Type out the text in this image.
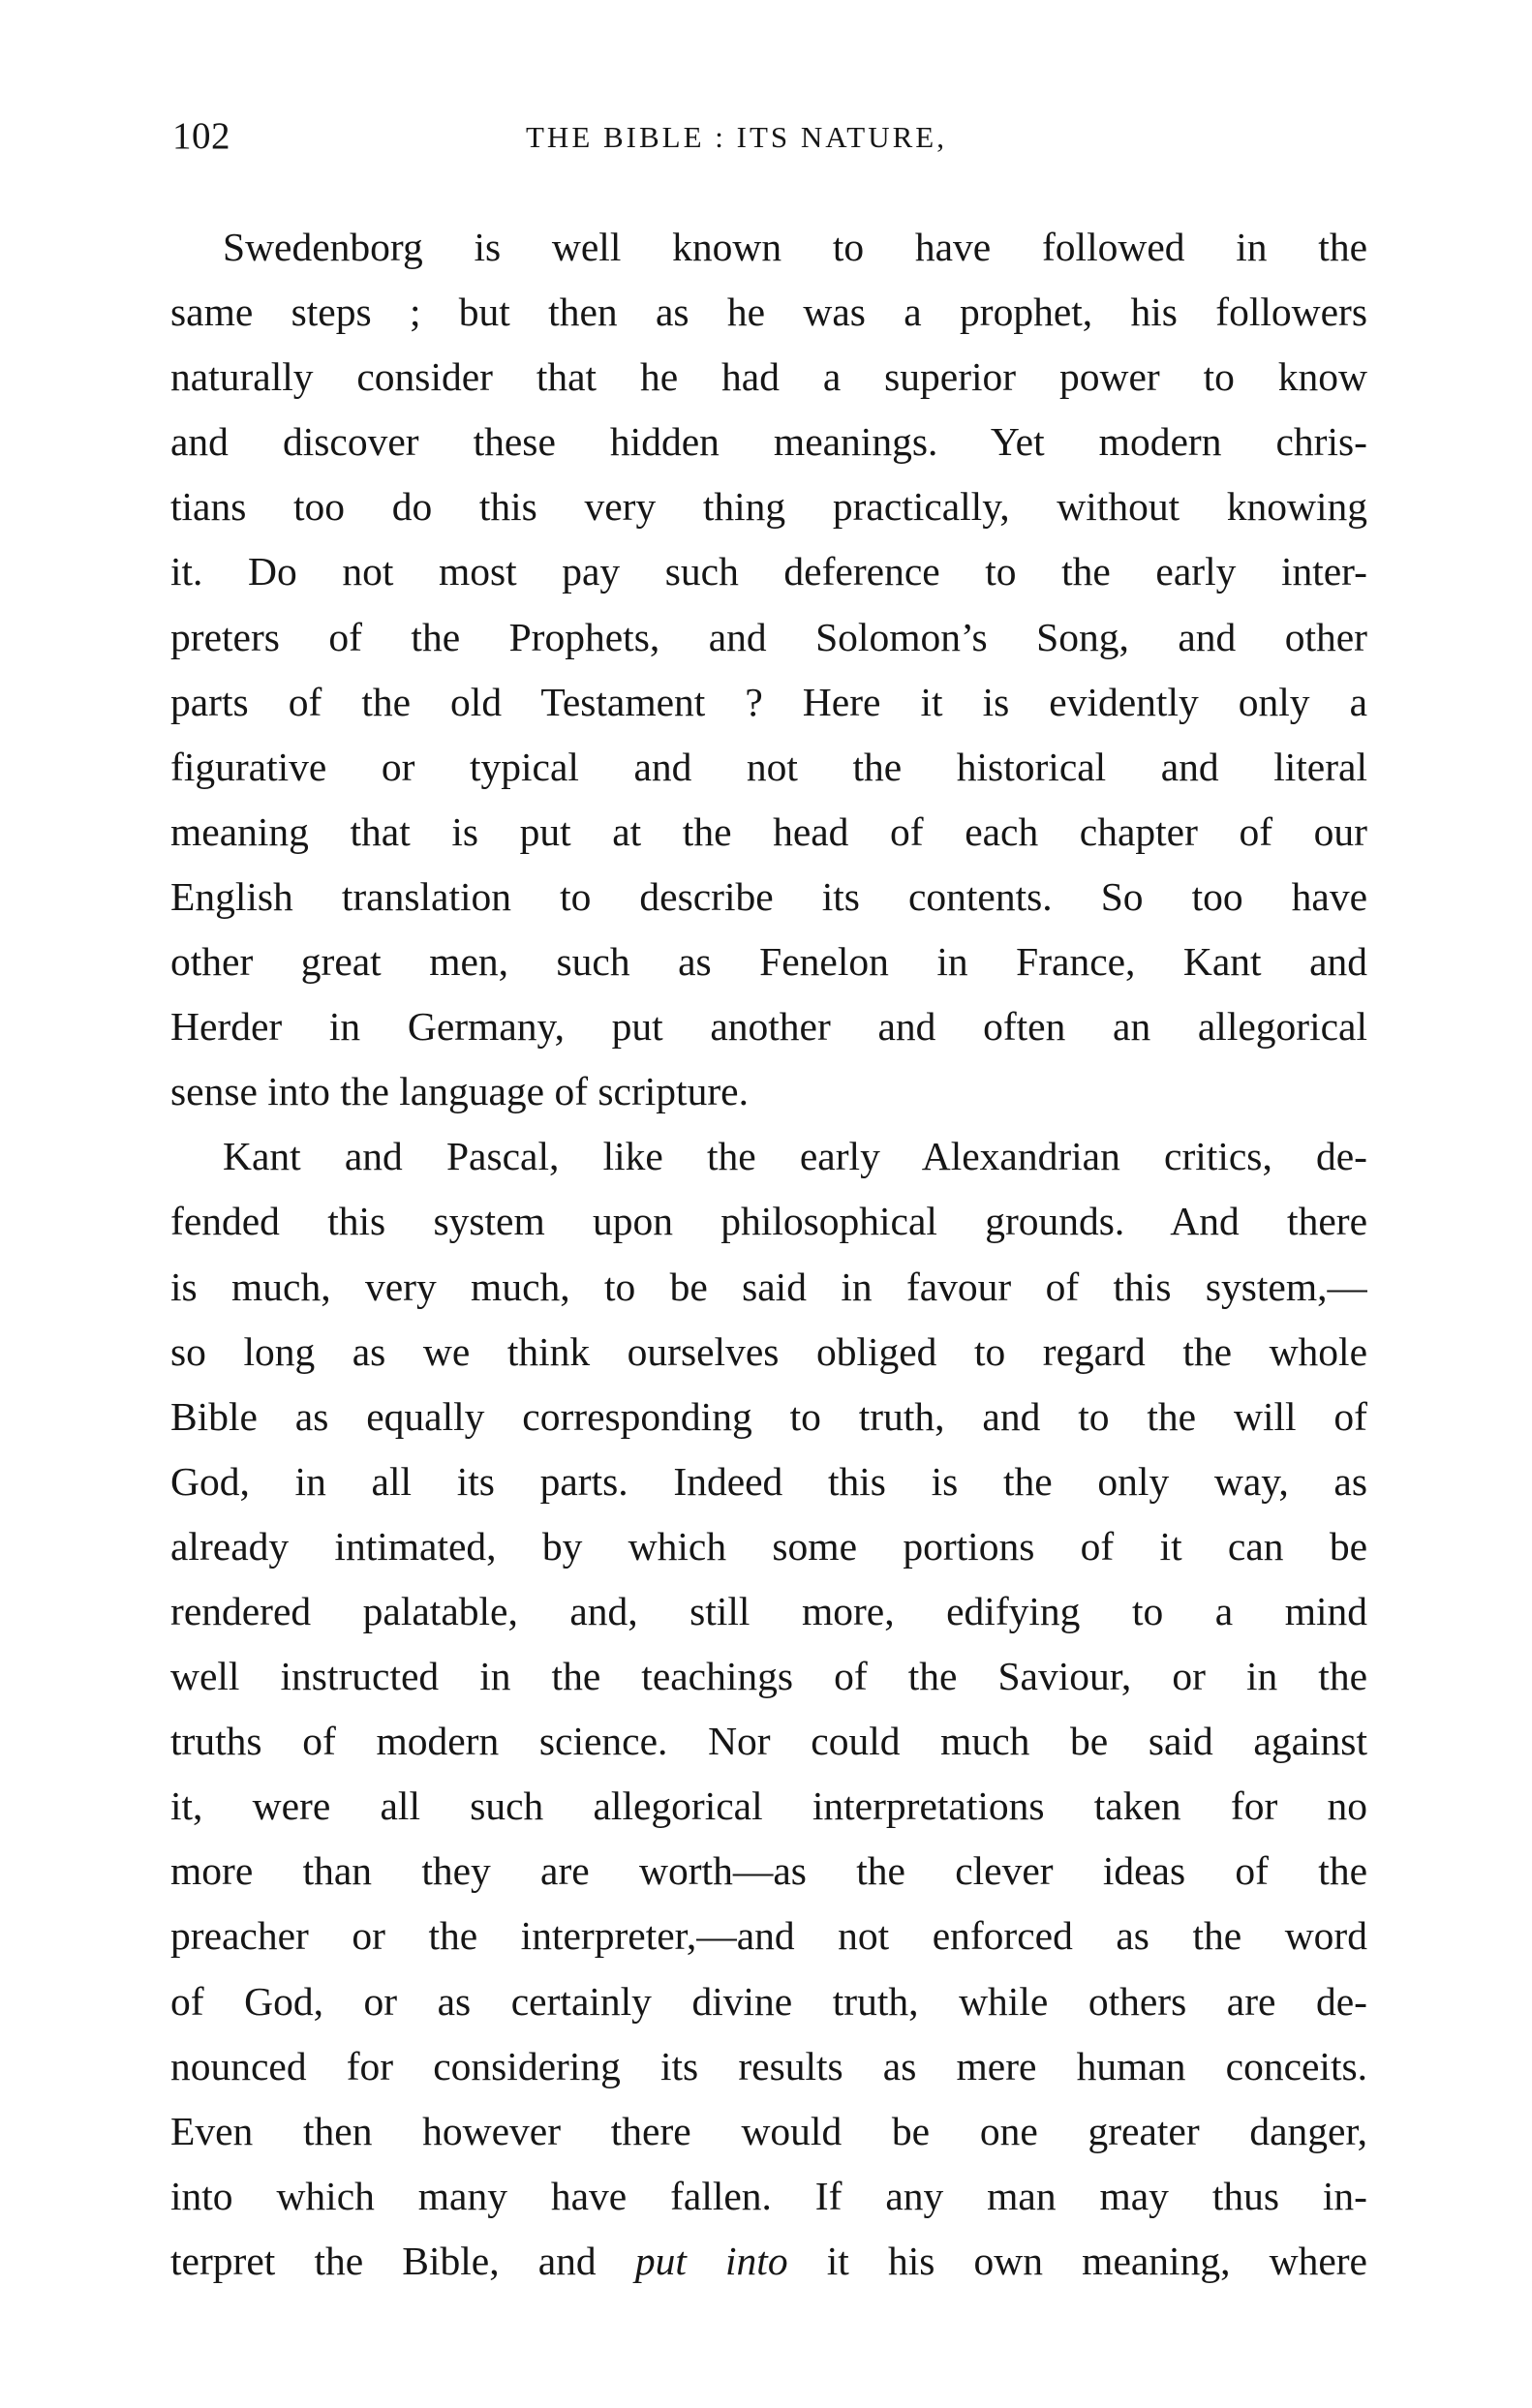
102	THE BIBLE : ITS NATURE,
Swedenborg is well known to have followed in the
same steps ; but then as he was a prophet, his followers
naturally consider that he had a superior power to know
and discover these hidden meanings. Yet modern chris-
tians too do this very thing practically, without knowing
it. Do not most pay such deference to the early inter-
preters of the Prophets, and Solomon’s Song, and other
parts of the old Testament ? Here it is evidently only a
figurative or typical and not the historical and literal
meaning that is put at the head of each chapter of our
English translation to describe its contents. So too have
other great men, such as Fenelon in France, Kant and
Herder in Germany, put another and often an allegorical
sense into the language of scripture.
Kant and Pascal, like the early Alexandrian critics, de-
fended this system upon philosophical grounds. And there
is much, very much, to be said in favour of this system,—
so long as we think ourselves obliged to regard the whole
Bible as equally corresponding to truth, and to the will of
God, in all its parts. Indeed this is the only way, as
already intimated, by which some portions of it can be
rendered palatable, and, still more, edifying to a mind
well instructed in the teachings of the Saviour, or in the
truths of modern science. Nor could much be said against
it, were all such allegorical interpretations taken for no
more than they are worth—as the clever ideas of the
preacher or the interpreter,—and not enforced as the word
of God, or as certainly divine truth, while others are de-
nounced for considering its results as mere human conceits.
Even then however there would be one greater danger,
into which many have fallen. If any man may thus in-
terpret the Bible, and put into it his own meaning, where
